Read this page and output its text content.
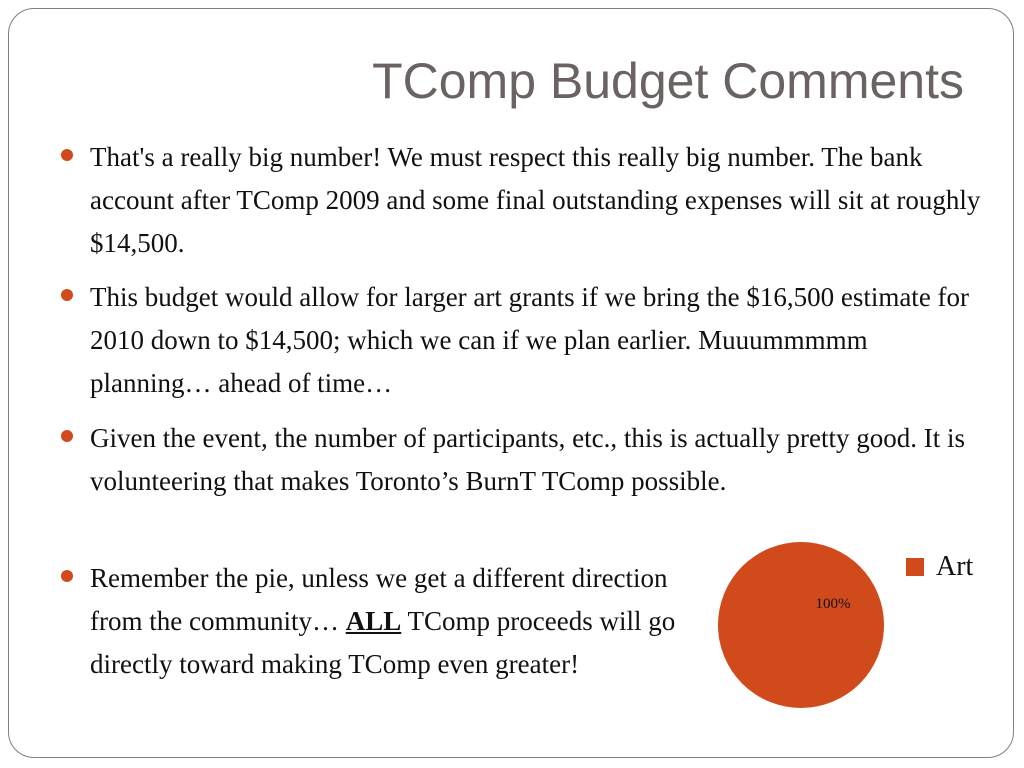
TComp Budget Comments
That's a really big number! We must respect this really big number. The bank account after TComp 2009 and some final outstanding expenses will sit at roughly $14,500.
This budget would allow for larger art grants if we bring the $16,500 estimate for 2010 down to $14,500; which we can if we plan earlier. Muuummmmm planning… ahead of time…
Given the event, the number of participants, etc., this is actually pretty good. It is volunteering that makes Toronto’s BurnT TComp possible.
Remember the pie, unless we get a different direction from the community… ALL TComp proceeds will go directly toward making TComp even greater!
100%
Art
